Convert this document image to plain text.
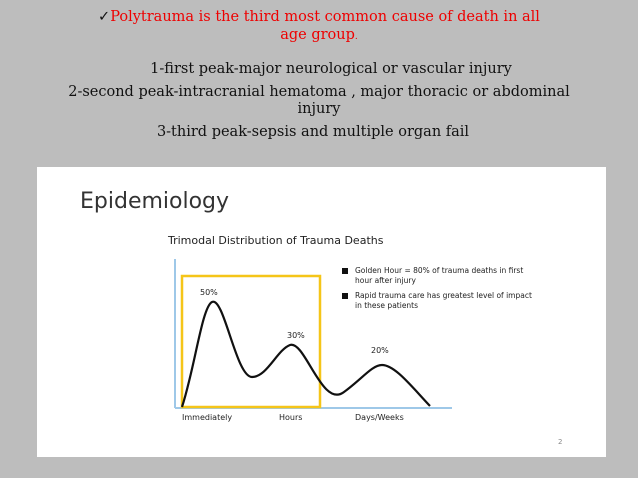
✓Polytrauma is the third most common cause of death in all
age group.
1-first peak-major neurological or vascular injury
2-second peak-intracranial hematoma , major thoracic or abdominal
injury
3-third peak-sepsis and multiple organ fail
Epidemiology
Trimodal Distribution of Trauma Deaths
50%
30%
20%
Immediately	Hours	Days/Weeks
Golden Hour = 80% of trauma deaths in first hour after injury
Rapid trauma care has greatest level of impact in these patients
2
